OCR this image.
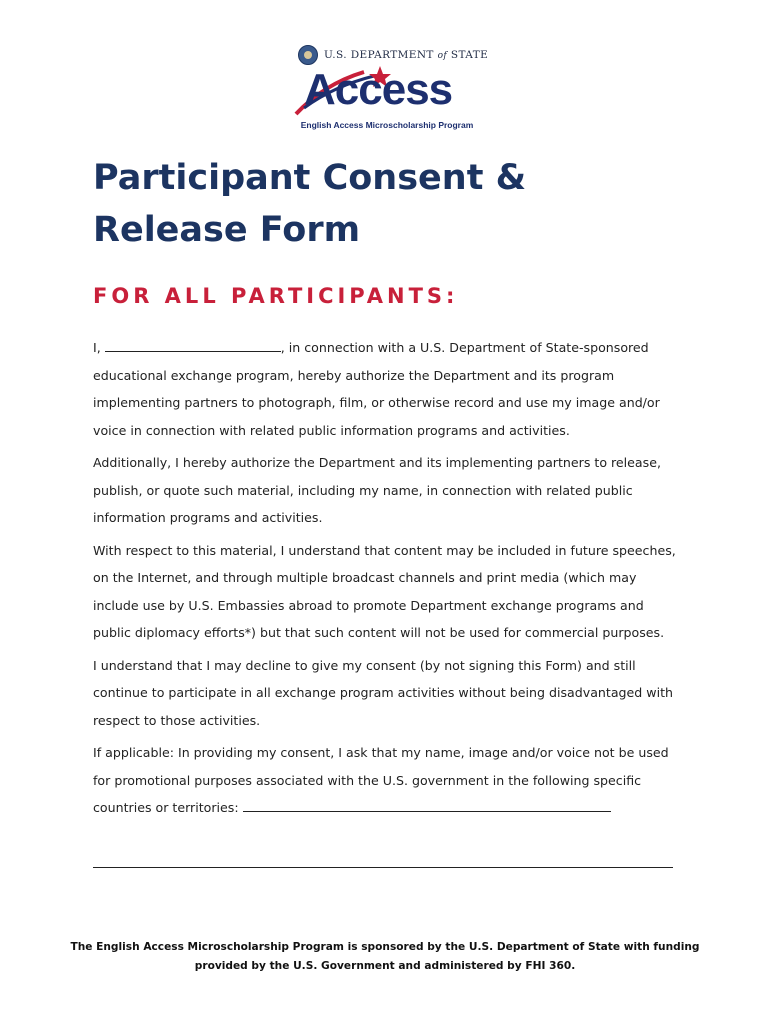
U.S. DEPARTMENT of STATE
Access
English Access Microscholarship Program
Participant Consent & Release Form
FOR ALL PARTICIPANTS:

I,	, in connection with a U.S. Department of State-sponsored educational exchange program, hereby authorize the Department and its program implementing partners to photograph, film, or otherwise record and use my image and/or voice in connection with related public information programs and activities.

Additionally, I hereby authorize the Department and its implementing partners to release, publish, or quote such material, including my name, in connection with related public information programs and activities.

With respect to this material, I understand that content may be included in future speeches, on the Internet, and through multiple broadcast channels and print media (which may include use by U.S. Embassies abroad to promote Department exchange programs and public diplomacy efforts*) but that such content will not be used for commercial purposes.

I understand that I may decline to give my consent (by not signing this Form) and still continue to participate in all exchange program activities without being disadvantaged with respect to those activities.

If applicable: In providing my consent, I ask that my name, image and/or voice not be used for promotional purposes associated with the U.S. government in the following specific countries or territories:

The English Access Microscholarship Program is sponsored by the U.S. Department of State with funding provided by the U.S. Government and administered by FHI 360.
